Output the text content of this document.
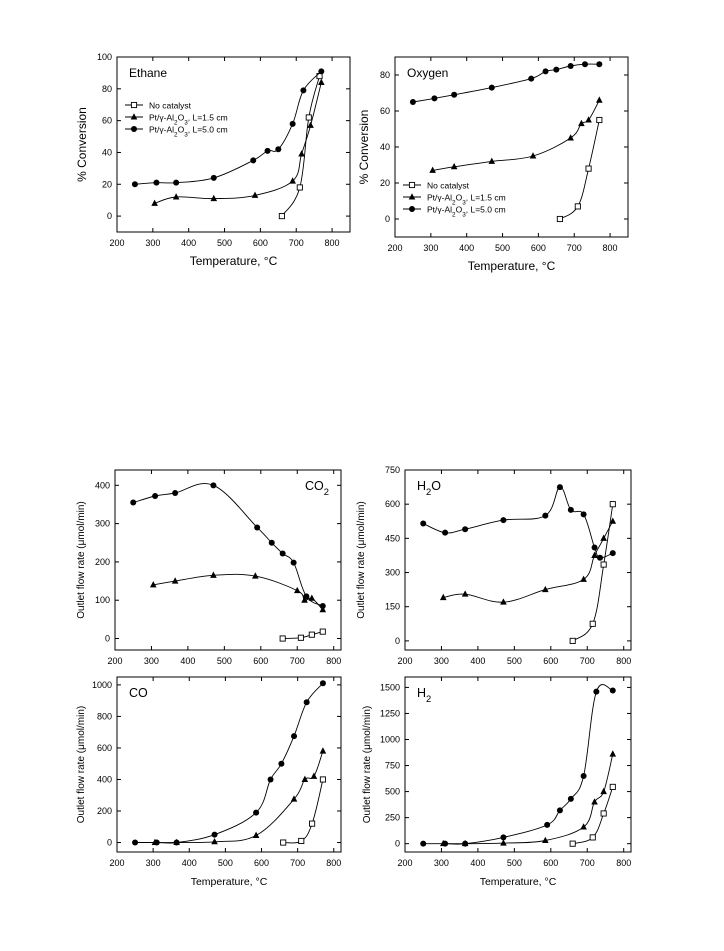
200 300 400 500 600 700 800
0
20
40
60
80
100
Temperature, °C
% Conversion
Ethane
No catalyst
$Pt/\gamma-Al_2O_3$, L=1.5 cm
$Pt/\gamma-Al_2O_3$, L=5.0 cm
200 300 400 500 600 700 800
0
20
40
60
80
Temperature, °C
% Conversion
Oxygen
No catalyst
$Pt/\gamma-Al_2O_3$, L=1.5 cm
$Pt/\gamma-Al_2O_3$, L=5.0 cm
200 300 400 500 600 700 800
0
100
200
300
400
Outlet flow rate (μmol/min)
$CO_2$
200 300 400 500 600 700 800
0
150
300
450
600
750
Outlet flow rate (μmol/min)
$H_2O$
200 300 400 500 600 700 800
0
200
400
600
800
1000
Temperature, °C
Outlet flow rate (μmol/min)
CO
200 300 400 500 600 700 800
0
250
500
750
1000
1250
1500
Temperature, °C
Outlet flow rate (μmol/min)
$H_2$
